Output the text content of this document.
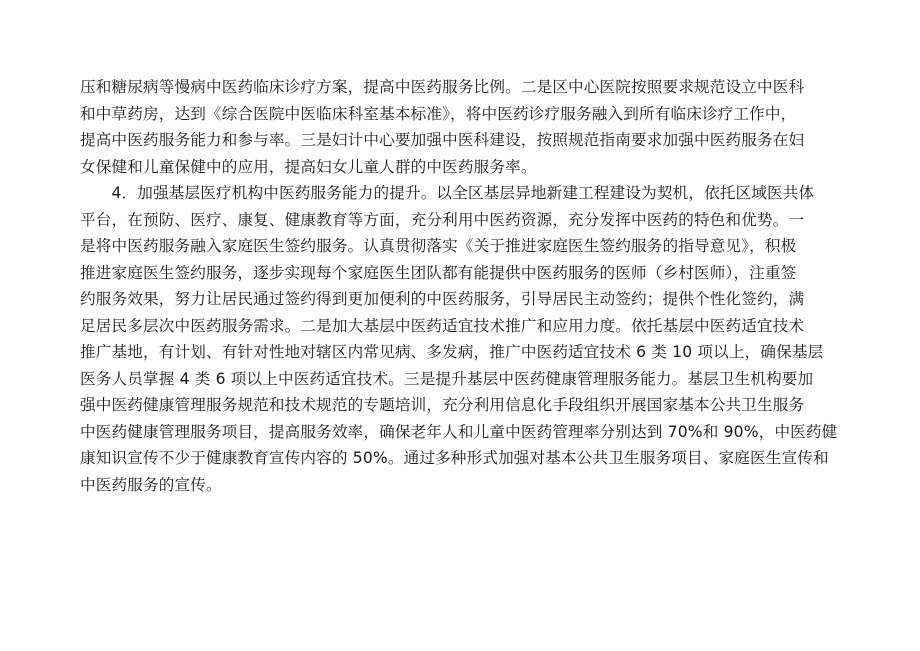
压和糖尿病等慢病中医药临床诊疗方案，提高中医药服务比例。二是区中心医院按照要求规范设立中医科
和中草药房，达到《综合医院中医临床科室基本标准》，将中医药诊疗服务融入到所有临床诊疗工作中，
提高中医药服务能力和参与率。三是妇计中心要加强中医科建设，按照规范指南要求加强中医药服务在妇
女保健和儿童保健中的应用，提高妇女儿童人群的中医药服务率。
　　4．加强基层医疗机构中医药服务能力的提升。以全区基层异地新建工程建设为契机，依托区域医共体
平台，在预防、医疗、康复、健康教育等方面，充分利用中医药资源，充分发挥中医药的特色和优势。一
是将中医药服务融入家庭医生签约服务。认真贯彻落实《关于推进家庭医生签约服务的指导意见》，积极
推进家庭医生签约服务，逐步实现每个家庭医生团队都有能提供中医药服务的医师（乡村医师），注重签
约服务效果，努力让居民通过签约得到更加便利的中医药服务，引导居民主动签约；提供个性化签约，满
足居民多层次中医药服务需求。二是加大基层中医药适宜技术推广和应用力度。依托基层中医药适宜技术
推广基地，有计划、有针对性地对辖区内常见病、多发病，推广中医药适宜技术 6 类 10 项以上，确保基层
医务人员掌握 4 类 6 项以上中医药适宜技术。三是提升基层中医药健康管理服务能力。基层卫生机构要加
强中医药健康管理服务规范和技术规范的专题培训，充分利用信息化手段组织开展国家基本公共卫生服务
中医药健康管理服务项目，提高服务效率，确保老年人和儿童中医药管理率分别达到 70%和 90%，中医药健
康知识宣传不少于健康教育宣传内容的 50%。通过多种形式加强对基本公共卫生服务项目、家庭医生宣传和
中医药服务的宣传。
